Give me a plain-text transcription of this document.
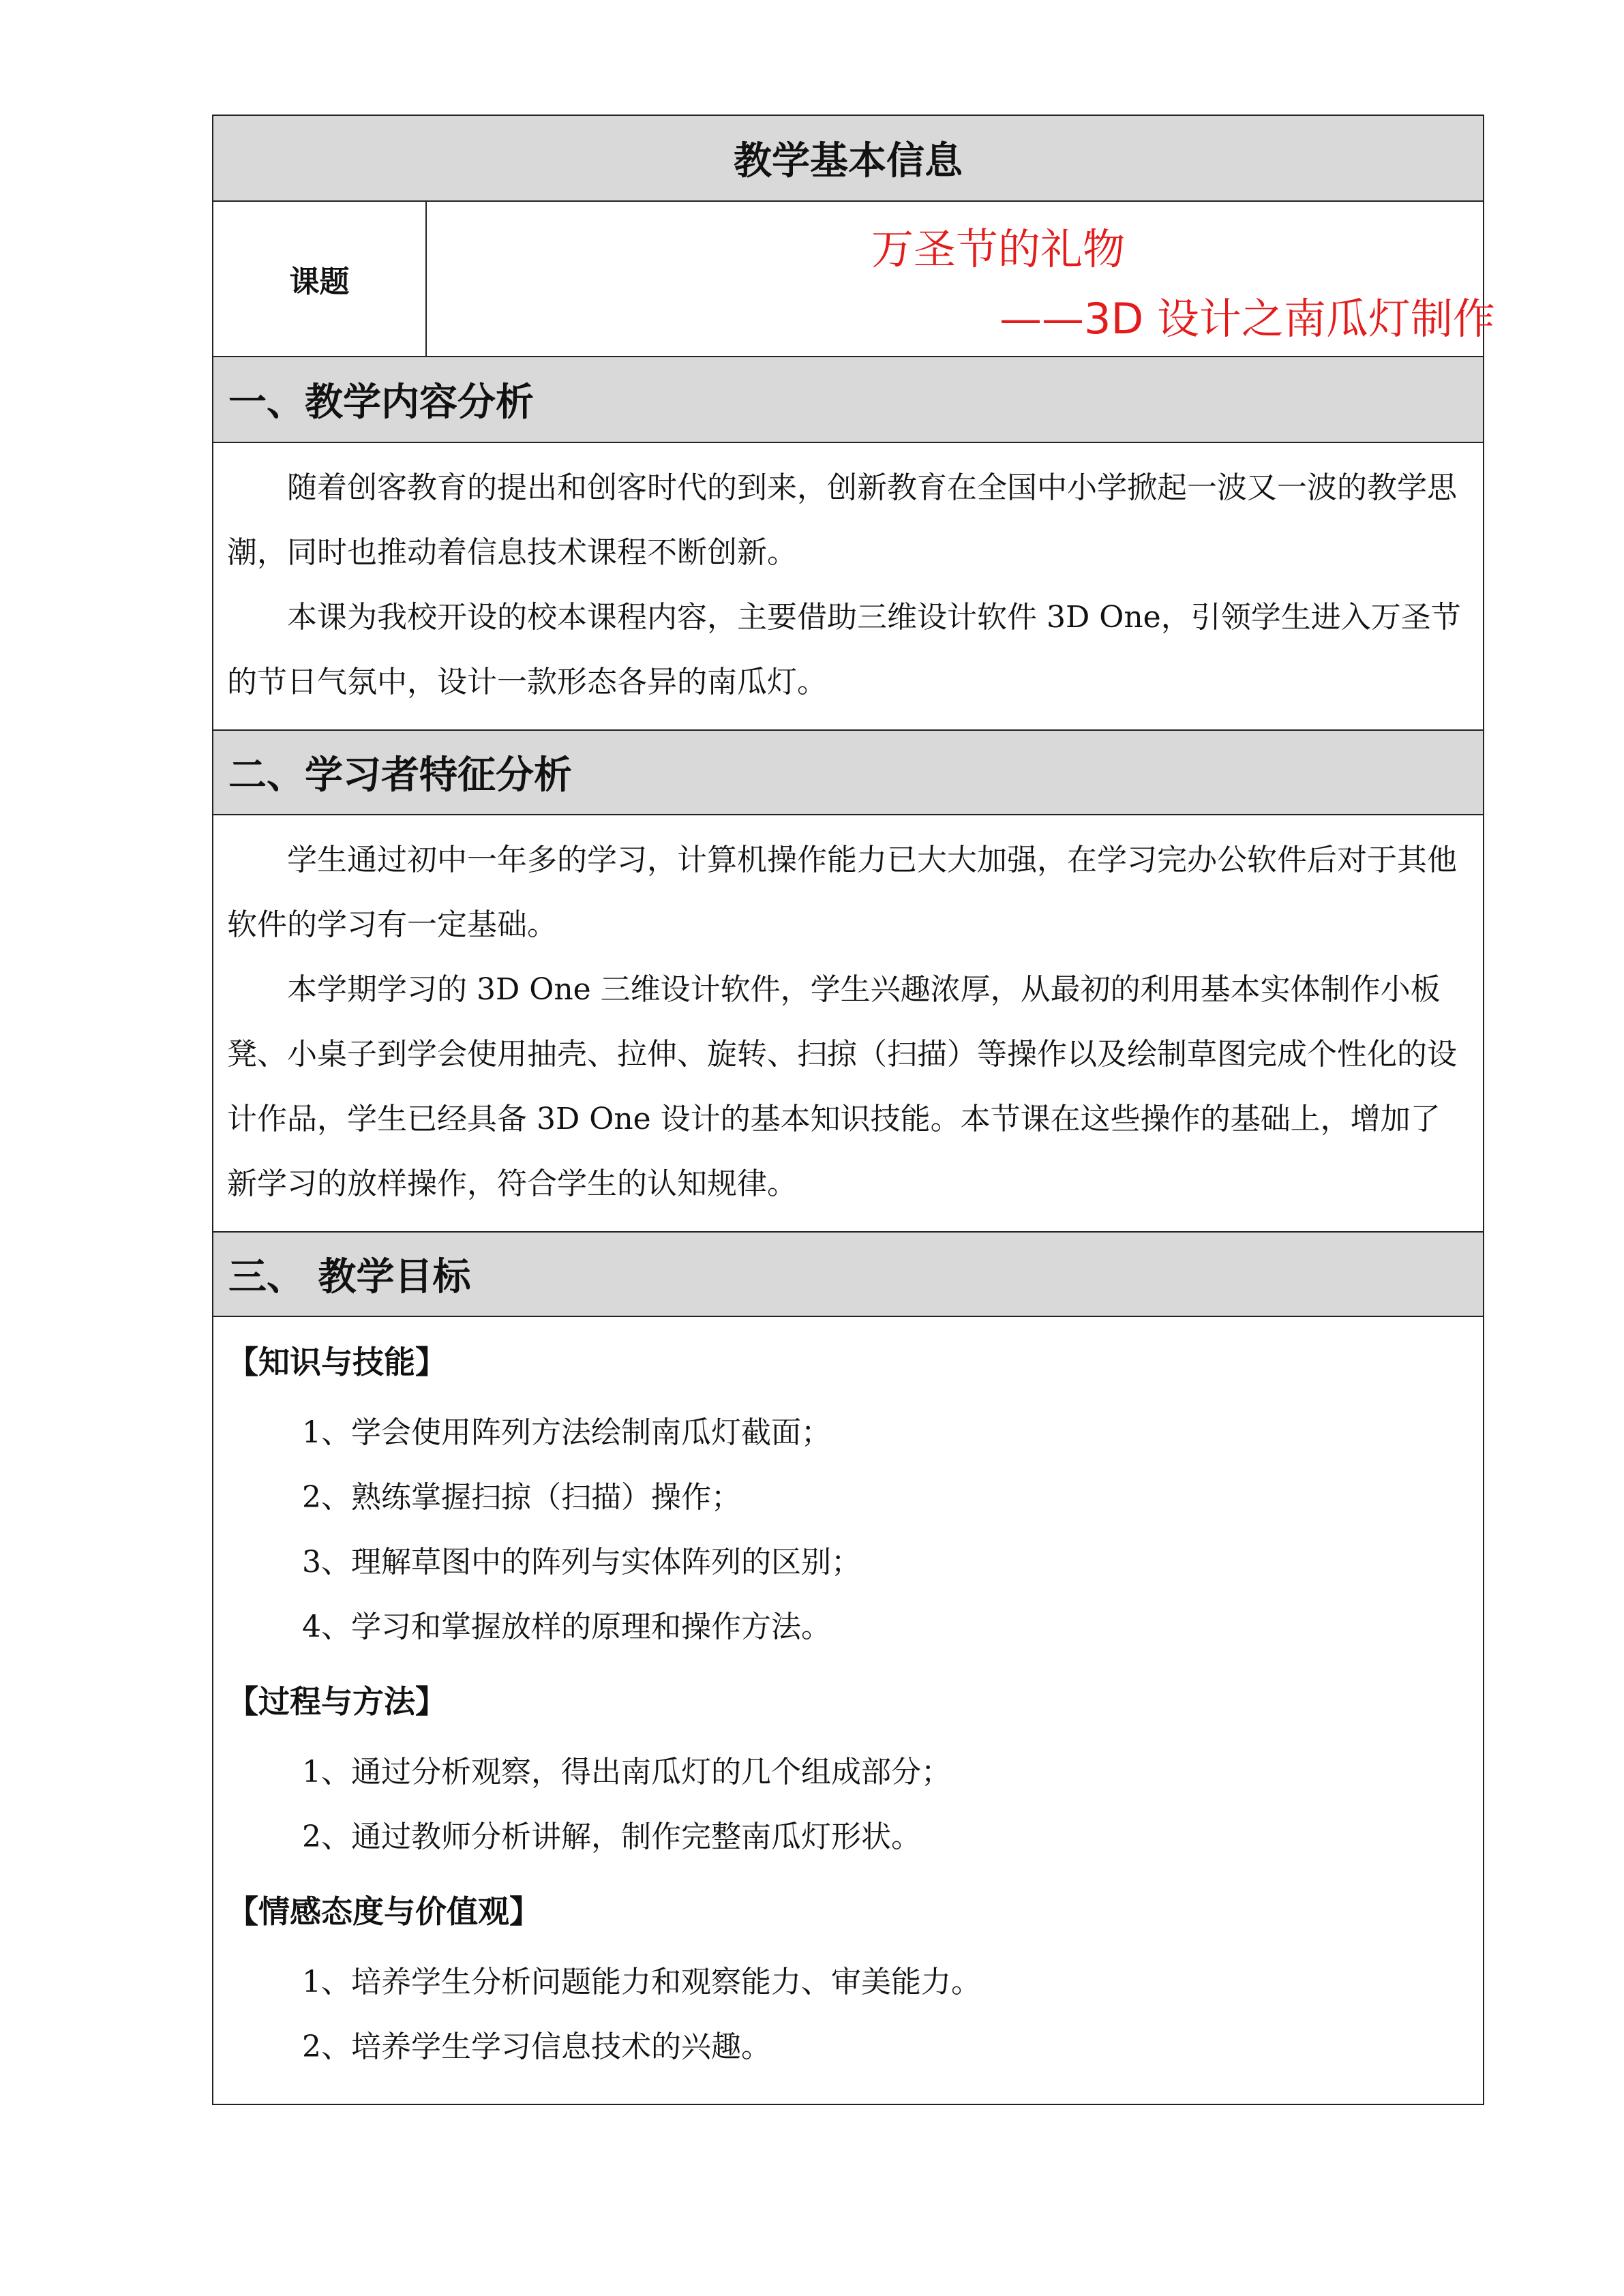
教学基本信息
课题
万圣节的礼物
——3D 设计之南瓜灯制作
一、教学内容分析

随着创客教育的提出和创客时代的到来，创新教育在全国中小学掀起一波又一波的教学思潮，同时也推动着信息技术课程不断创新。

本课为我校开设的校本课程内容，主要借助三维设计软件 3D One，引领学生进入万圣节的节日气氛中，设计一款形态各异的南瓜灯。

二、学习者特征分析

学生通过初中一年多的学习，计算机操作能力已大大加强，在学习完办公软件后对于其他软件的学习有一定基础。

本学期学习的 3D One 三维设计软件，学生兴趣浓厚，从最初的利用基本实体制作小板凳、小桌子到学会使用抽壳、拉伸、旋转、扫掠（扫描）等操作以及绘制草图完成个性化的设计作品，学生已经具备 3D One 设计的基本知识技能。本节课在这些操作的基础上，增加了新学习的放样操作，符合学生的认知规律。

三、 教学目标
【知识与技能】
1、学会使用阵列方法绘制南瓜灯截面；
2、熟练掌握扫掠（扫描）操作；
3、理解草图中的阵列与实体阵列的区别；
4、学习和掌握放样的原理和操作方法。
【过程与方法】
1、通过分析观察，得出南瓜灯的几个组成部分；
2、通过教师分析讲解，制作完整南瓜灯形状。
【情感态度与价值观】
1、培养学生分析问题能力和观察能力、审美能力。
2、培养学生学习信息技术的兴趣。
